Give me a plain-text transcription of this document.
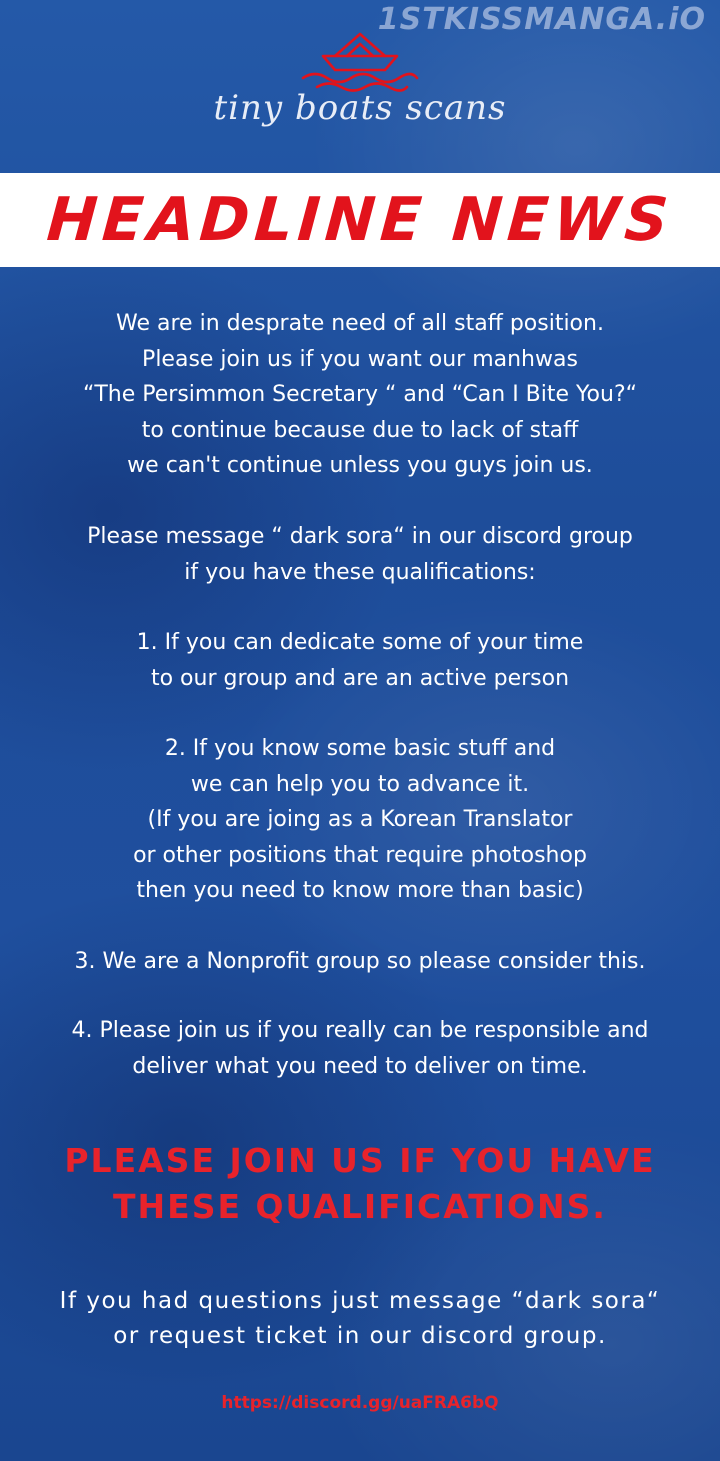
1STKISSMANGA.iO
tiny boats scans
HEADLINE NEWS
We are in desprate need of all staff position.
Please join us if you want our manhwas
“The Persimmon Secretary “ and “Can I Bite You?“
to continue because due to lack of staff
we can't continue unless you guys join us.
Please message “ dark sora“ in our discord group
if you have these qualifications:
1. If you can dedicate some of your time
to our group and are an active person
2. If you know some basic stuff and
we can help you to advance it.
(If you are joing as a Korean Translator
or other positions that require photoshop
then you need to know more than basic)
3. We are a Nonprofit group so please consider this.
4. Please join us if you really can be responsible and
deliver what you need to deliver on time.
PLEASE JOIN US IF YOU HAVE
THESE QUALIFICATIONS.
If you had questions just message “dark sora“
or request ticket in our discord group.
https://discord.gg/uaFRA6bQ
